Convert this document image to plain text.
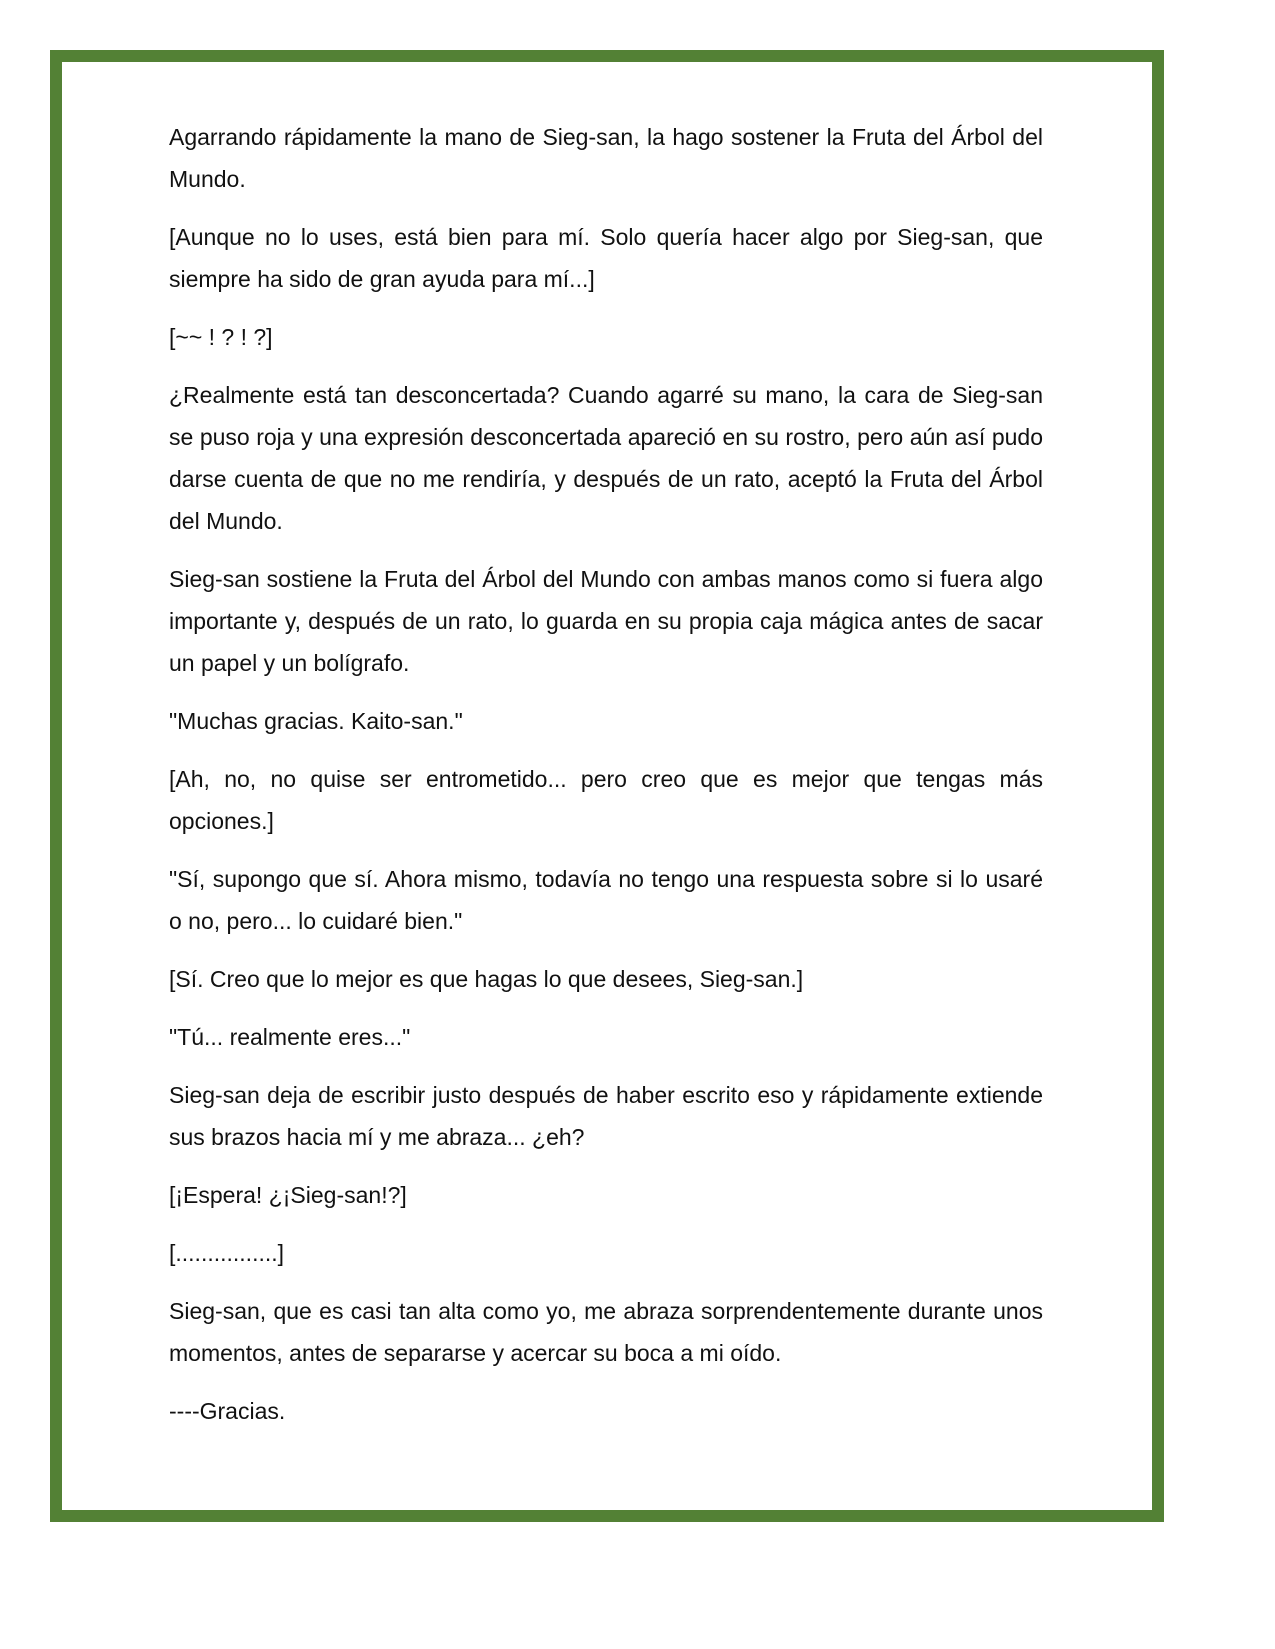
Agarrando rápidamente la mano de Sieg-san, la hago sostener la Fruta del Árbol del Mundo.

[Aunque no lo uses, está bien para mí. Solo quería hacer algo por Sieg-san, que siempre ha sido de gran ayuda para mí...]

[~~ ! ? ! ?]

¿Realmente está tan desconcertada? Cuando agarré su mano, la cara de Sieg-san se puso roja y una expresión desconcertada apareció en su rostro, pero aún así pudo darse cuenta de que no me rendiría, y después de un rato, aceptó la Fruta del Árbol del Mundo.

Sieg-san sostiene la Fruta del Árbol del Mundo con ambas manos como si fuera algo importante y, después de un rato, lo guarda en su propia caja mágica antes de sacar un papel y un bolígrafo.

"Muchas gracias. Kaito-san."

[Ah, no, no quise ser entrometido... pero creo que es mejor que tengas más opciones.]

"Sí, supongo que sí. Ahora mismo, todavía no tengo una respuesta sobre si lo usaré o no, pero... lo cuidaré bien."

[Sí. Creo que lo mejor es que hagas lo que desees, Sieg-san.]

"Tú... realmente eres..."

Sieg-san deja de escribir justo después de haber escrito eso y rápidamente extiende sus brazos hacia mí y me abraza... ¿eh?

[¡Espera! ¿¡Sieg-san!?]

[................]

Sieg-san, que es casi tan alta como yo, me abraza sorprendentemente durante unos momentos, antes de separarse y acercar su boca a mi oído.

----Gracias.
